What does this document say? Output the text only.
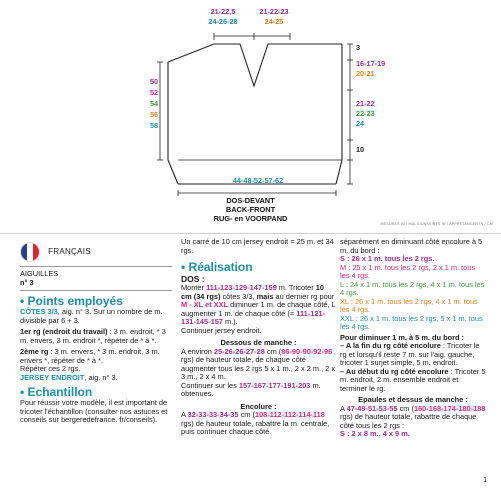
21-22,5
24-26-28
21-22-23
24-25
50
52
54
56
58
3
16-17-19
20-21
21-22
22-23
24
10
44-48-52-57-62
DOS-DEVANT
BACK-FRONT
RUG- en VOORPAND
MESURES IN / MULGIUNSKIRTS IN / APPRETANGER.IN / CM
FRANÇAIS
AIGUILLES
n° 3
• Points employés
CÔTES 3/3, aig. n° 3. Sur un nombre de m. divisible par 6 + 3.
1er rg (endroit du travail) : 3 m. endroit, * 3 m. envers, 3 m. endroit *, répéter de * à *.
2ème rg : 3 m. envers, * 3 m. endroit, 3 m. envers *, répéter de * à *.
Répéter ces 2 rgs.
JERSEY ENDROIT, aig. n° 3.
• Echantillon
Pour réussir votre modèle, il est important de tricoter l'échantillon (consulter nos astuces et conseils sur bergeredefrance. fr/conseils).
Un carré de 10 cm jersey endroit = 25 m. et 34 rgs.
• Réalisation
DOS :
Monter 111-123-129-147-159 m. Tricoter 10 cm (34 rgs) côtes 3/3, mais au dernier rg pour M - XL et XXL diminuer 1 m. de chaque côté, L augmenter 1 m. de chaque côté (= 111-121-131-145-157 m.).
Continuer jersey endroit.
Dessous de manche :
A environ 25-26-26-27-28 cm (86-90-90-92-96 rgs) de hauteur totale, de chaque côté augmenter tous les 2 rgs 5 x 1 m., 2 x 2 m., 2 x 3 m., 2 x 4 m.
Continuer sur les 157-167-177-191-203 m. obtenues.
Encolure :
A 32-33-33-34-35 cm (108-112-112-114-118 rgs) de hauteur totale, rabattre la m. centrale, puis continuer chaque côté
séparément en diminuant côté encolure à 5 m. du bord :
S : 26 x 1 m. tous les 2 rgs.
M : 25 x 1 m. tous les 2 rgs, 2 x 1 m. tous les 4 rgs.
L : 24 x 1 m. tous les 2 rgs, 4 x 1 m. tous les 4 rgs.
XL : 26 x 1 m. tous les 2 rgs, 4 x 1 m. tous les 4 rgs.
XXL : 26 x 1 m. tous les 2 rgs, 5 x 1 m. tous les 4 rgs.
Pour diminuer 1 m. à 5 m. du bord :
– A la fin du rg côté encolure : Tricoter le rg et lorsqu'il reste 7 m. sur l'aig. gauche, tricoter 1 surjet simple, 5 m. endroit.
– Au début du rg côté encolure : Tricoter 5 m. endroit, 2 m. ensemble endroit et terminer le rg.
Epaules et dessus de manche :
A 47-49-51-53-55 cm (160-168-174-180-188 rgs) de hauteur totale, rabattre de chaque côté tous les 2 rgs :
S : 2 x 8 m., 4 x 9 m.
1
